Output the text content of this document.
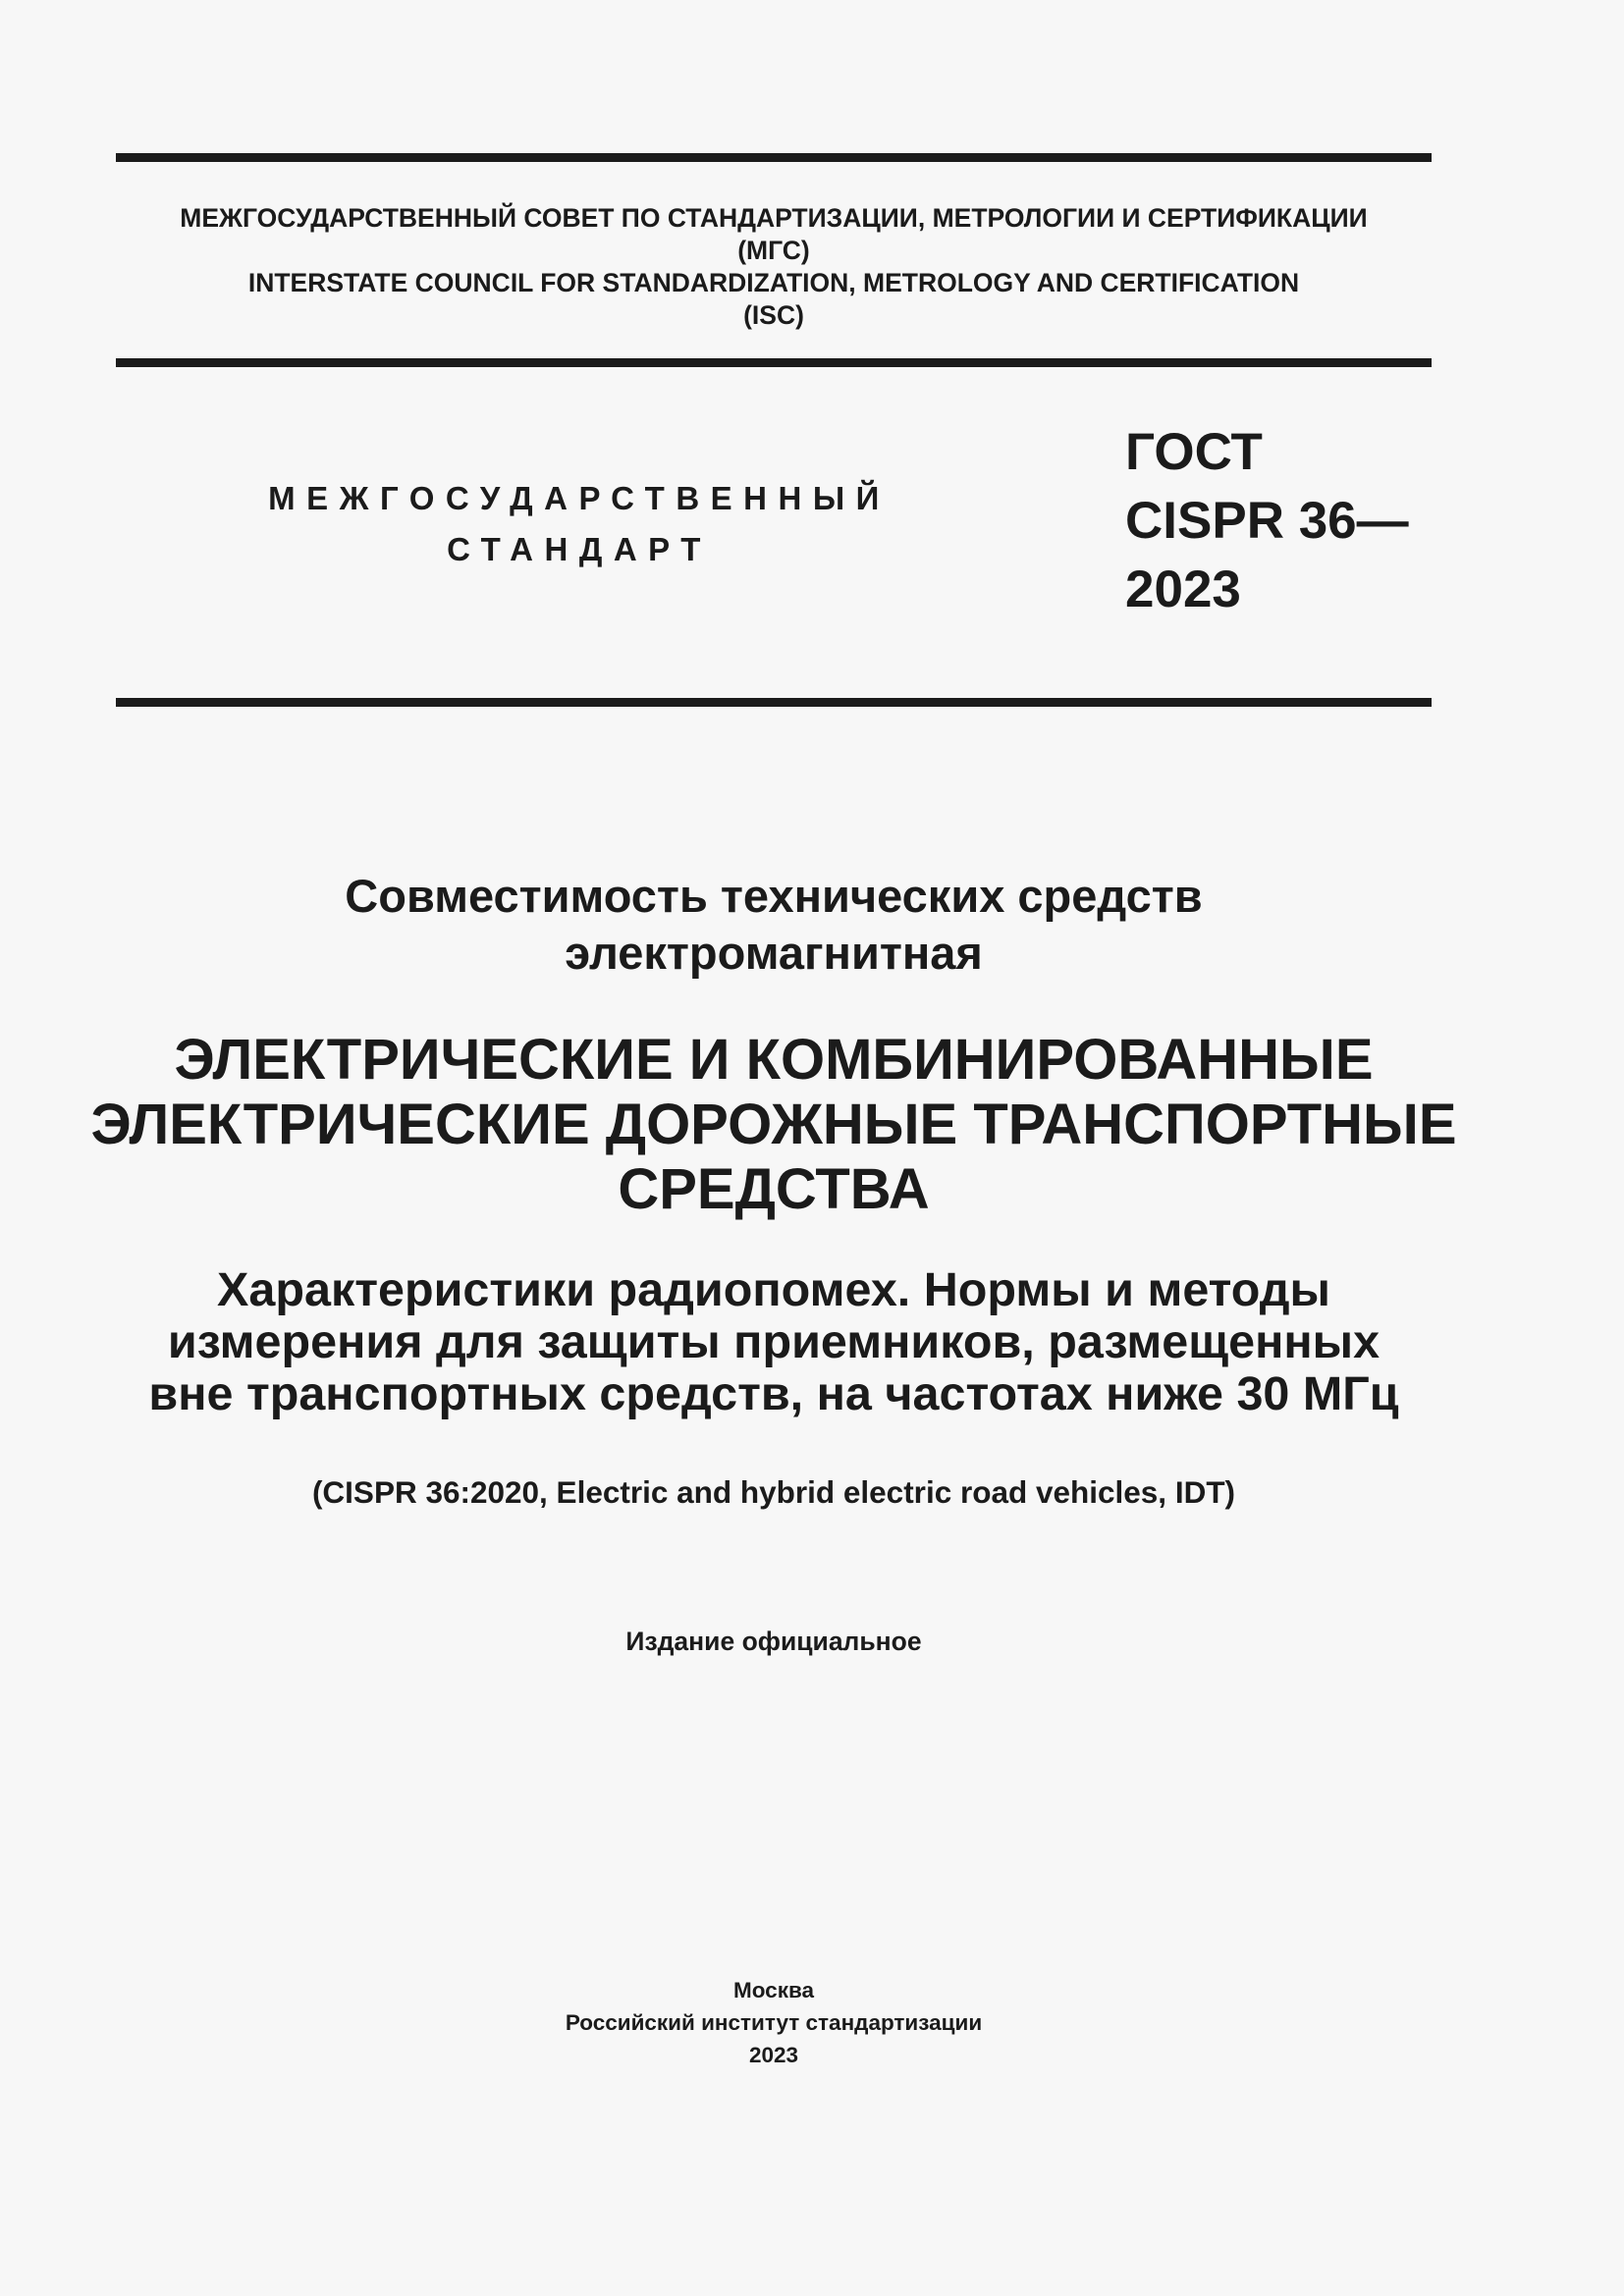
МЕЖГОСУДАРСТВЕННЫЙ СОВЕТ ПО СТАНДАРТИЗАЦИИ, МЕТРОЛОГИИ И СЕРТИФИКАЦИИ
(МГС)
INTERSTATE COUNCIL FOR STANDARDIZATION, METROLOGY AND CERTIFICATION
(ISC)
МЕЖГОСУДАРСТВЕННЫЙ
СТАНДАРТ
ГОСТ
CISPR 36—
2023
Совместимость технических средств
электромагнитная
ЭЛЕКТРИЧЕСКИЕ И КОМБИНИРОВАННЫЕ
ЭЛЕКТРИЧЕСКИЕ ДОРОЖНЫЕ ТРАНСПОРТНЫЕ
СРЕДСТВА
Характеристики радиопомех. Нормы и методы
измерения для защиты приемников, размещенных
вне транспортных средств, на частотах ниже 30 МГц
(CISPR 36:2020, Electric and hybrid electric road vehicles, IDT)
Издание официальное
Москва
Российский институт стандартизации
2023
